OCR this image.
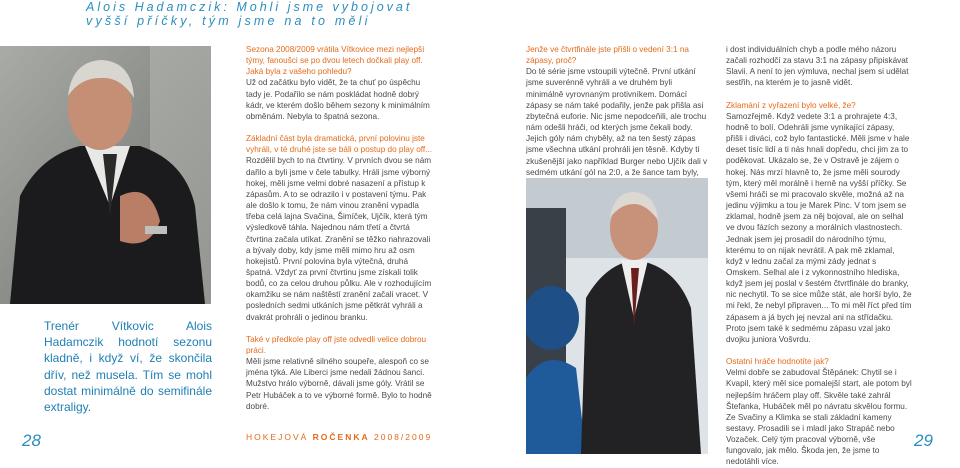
Alois Hadamczik: Mohli jsme vybojovat
vyšší příčky, tým jsme na to měli
Trenér Vítkovic Alois Hadamczik hodnotí sezonu kladně, i když ví, že skončila dřív, než musela. Tím se mohl dostat minimálně do semifinále extraligy.
28	29

Sezona 2008/2009 vrátila Vítkovice mezi nejlepší týmy, fanoušci se po dvou letech dočkali play off. Jaká byla z vašeho pohledu?

Už od začátku bylo vidět, že ta chuť po úspěchu tady je. Podařilo se nám poskládat hodně dobrý kádr, ve kterém došlo během sezony k minimálním obměnám. Nebyla to špatná sezona.

Základní část byla dramatická, první polovinu jste vyhráli, v té druhé jste se báli o postup do play off...

Rozdělil bych to na čtvrtiny. V prvních dvou se nám dařilo a byli jsme v čele tabulky. Hráli jsme výborný hokej, měli jsme velmi dobré nasazení a přístup k zápasům. A to se odrazilo i v postavení týmu. Pak ale došlo k tomu, že nám vinou zranění vypadla třeba celá lajna Svačina, Šimíček, Ujčík, která tým výsledkově táhla. Najednou nám třetí a čtvrtá čtvrtina začala utíkat. Zranění se těžko nahrazovali a bývaly doby, kdy jsme měli mimo hru až osm hokejistů. První polovina byla výtečná, druhá špatná. Vždyť za první čtvrtinu jsme získali tolik bodů, co za celou druhou půlku. Ale v rozhodujícím okamžiku se nám naštěstí zranění začali vracet. V posledních sedmi utkáních jsme pětkrát vyhráli a dvakrát prohráli o jedinou branku.

Také v předkole play off jste odvedli velice dobrou práci.

Měli jsme relativně silného soupeře, alespoň co se jména týká. Ale Liberci jsme nedali žádnou šanci. Mužstvo hrálo výborně, dávali jsme góly. Vrátil se Petr Hubáček a to ve výborné formě. Bylo to hodně dobré.

Jenže ve čtvrtfinále jste přišli o vedení 3:1 na zápasy, proč?

Do té série jsme vstoupili výtečně. První utkání jsme suverénně vyhráli a ve druhém byli minimálně vyrovnaným protivníkem. Domácí zápasy se nám také podařily, jenže pak přišla asi zbytečná euforie. Nic jsme nepodceňili, ale trochu nám odešli hráči, od kterých jsme čekali body. Jejich góly nám chyběly, až na ten šestý zápas jsme všechna utkání prohráli jen těsně. Kdyby ti zkušenější jako například Burger nebo Ujčík dali v sedmém utkání gól na 2:0, a že šance tam byly,

i dost individuálních chyb a podle mého názoru začali rozhodčí za stavu 3:1 na zápasy připiskávat Slavii. A není to jen výmluva, nechal jsem si udělat sestřih, na kterém je to jasně vidět.

Zklamání z vyřazení bylo velké, že?

Samozřejmě. Když vedete 3:1 a prohrajete 4:3, hodně to bolí. Odehráli jsme vynikající zápasy, přišli i diváci, což bylo fantastické. Měli jsme v hale deset tisíc lidí a ti nás hnali dopředu, chci jim za to poděkovat. Ukázalo se, že v Ostravě je zájem o hokej. Nás mrzí hlavně to, že jsme měli sourody tým, který měl morálně i herně na vyšší příčky. Se všemi hráči se mi pracovalo skvěle, možná až na jedinu výjimku a tou je Marek Pinc. V tom jsem se zklamal, hodně jsem za něj bojoval, ale on selhal ve dvou fázích sezony a morálních vlastnostech. Jednak jsem jej prosadil do národního týmu, kterému to on nijak nevrátil. A pak mě zklamal, když v lednu začal za mými zády jednat s Omskem. Selhal ale i z vykonnostního hlediska, když jsem jej poslal v šestém čtvrtfinále do branky, nic nechytil. To se sice může stát, ale horší bylo, že mi řekl, že nebyl připraven... To mi měl říct před tím zápasem a já bych jej nevzal ani na střídačku. Proto jsem také k sedmému zápasu vzal jako dvojku juniora Vošvrdu.

Ostatní hráče hodnotíte jak?

Velmi dobře se zabudoval Štěpánek: Chytil se i Kvapil, který měl sice pomalejší start, ale potom byl nejlepším hráčem play off. Skvěle také zahrál Štefanka, Hubáček měl po návratu skvělou formu. Ze Svačiny a Klimka se stali základní kameny sestavy. Prosadili se i mladí jako Strapáč nebo Vozaček. Celý tým pracoval výborně, vše fungovalo, jak mělo. Škoda jen, že jsme to nedotáhli více.

HOKEJOVÁ ROČENKA 2008/2009
